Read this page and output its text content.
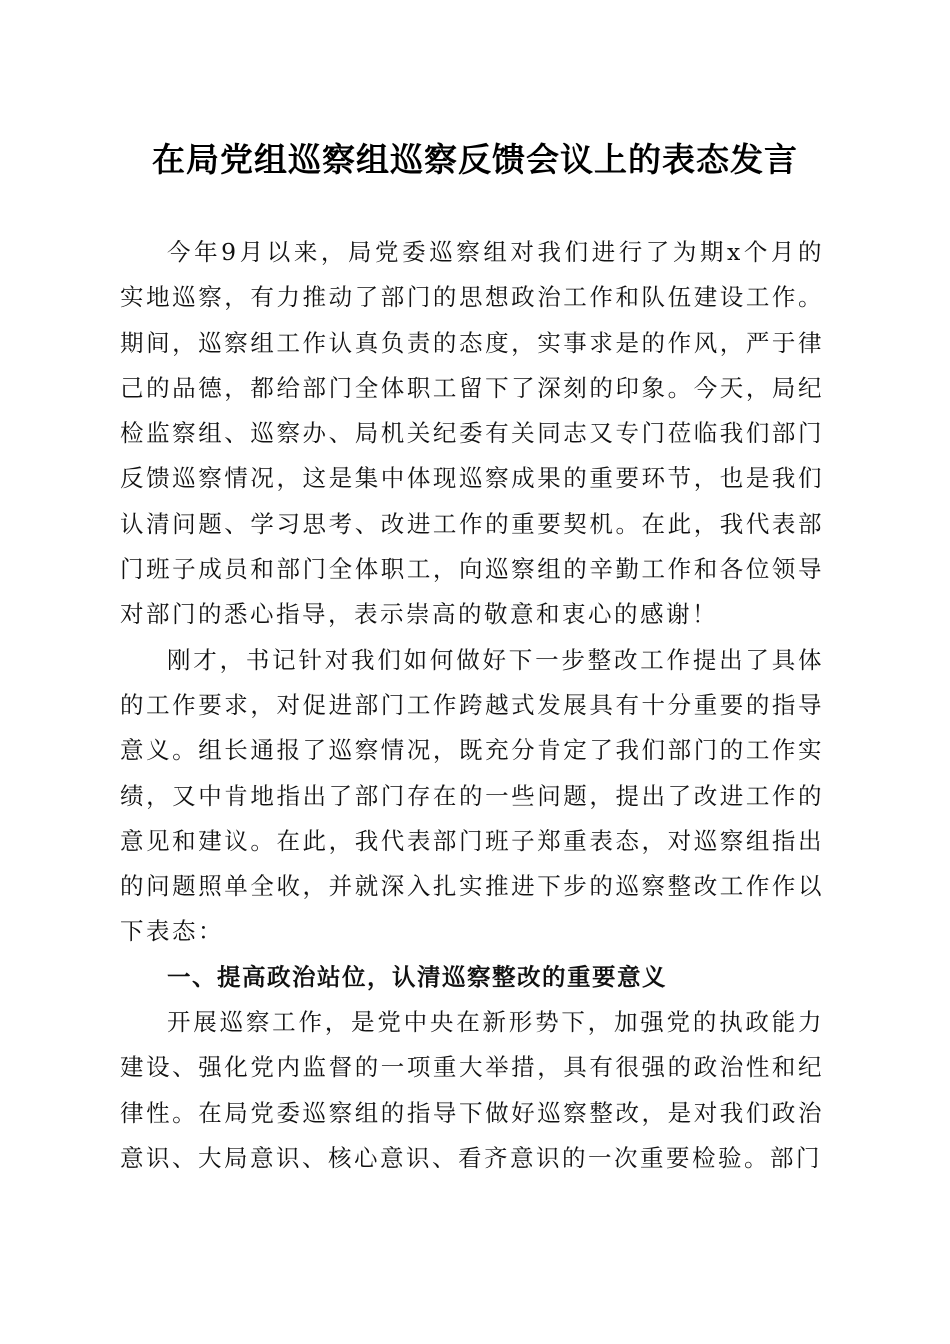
在局党组巡察组巡察反馈会议上的表态发言

今年9月以来，局党委巡察组对我们进行了为期x个月的实地巡察，有力推动了部门的思想政治工作和队伍建设工作。期间，巡察组工作认真负责的态度，实事求是的作风，严于律己的品德，都给部门全体职工留下了深刻的印象。今天，局纪检监察组、巡察办、局机关纪委有关同志又专门莅临我们部门反馈巡察情况，这是集中体现巡察成果的重要环节，也是我们认清问题、学习思考、改进工作的重要契机。在此，我代表部门班子成员和部门全体职工，向巡察组的辛勤工作和各位领导对部门的悉心指导，表示崇高的敬意和衷心的感谢！

刚才，书记针对我们如何做好下一步整改工作提出了具体的工作要求，对促进部门工作跨越式发展具有十分重要的指导意义。组长通报了巡察情况，既充分肯定了我们部门的工作实绩，又中肯地指出了部门存在的一些问题，提出了改进工作的意见和建议。在此，我代表部门班子郑重表态，对巡察组指出的问题照单全收，并就深入扎实推进下步的巡察整改工作作以下表态：

一、提高政治站位，认清巡察整改的重要意义

开展巡察工作，是党中央在新形势下，加强党的执政能力建设、强化党内监督的一项重大举措，具有很强的政治性和纪律性。在局党委巡察组的指导下做好巡察整改，是对我们政治意识、大局意识、核心意识、看齐意识的一次重要检验。部门
